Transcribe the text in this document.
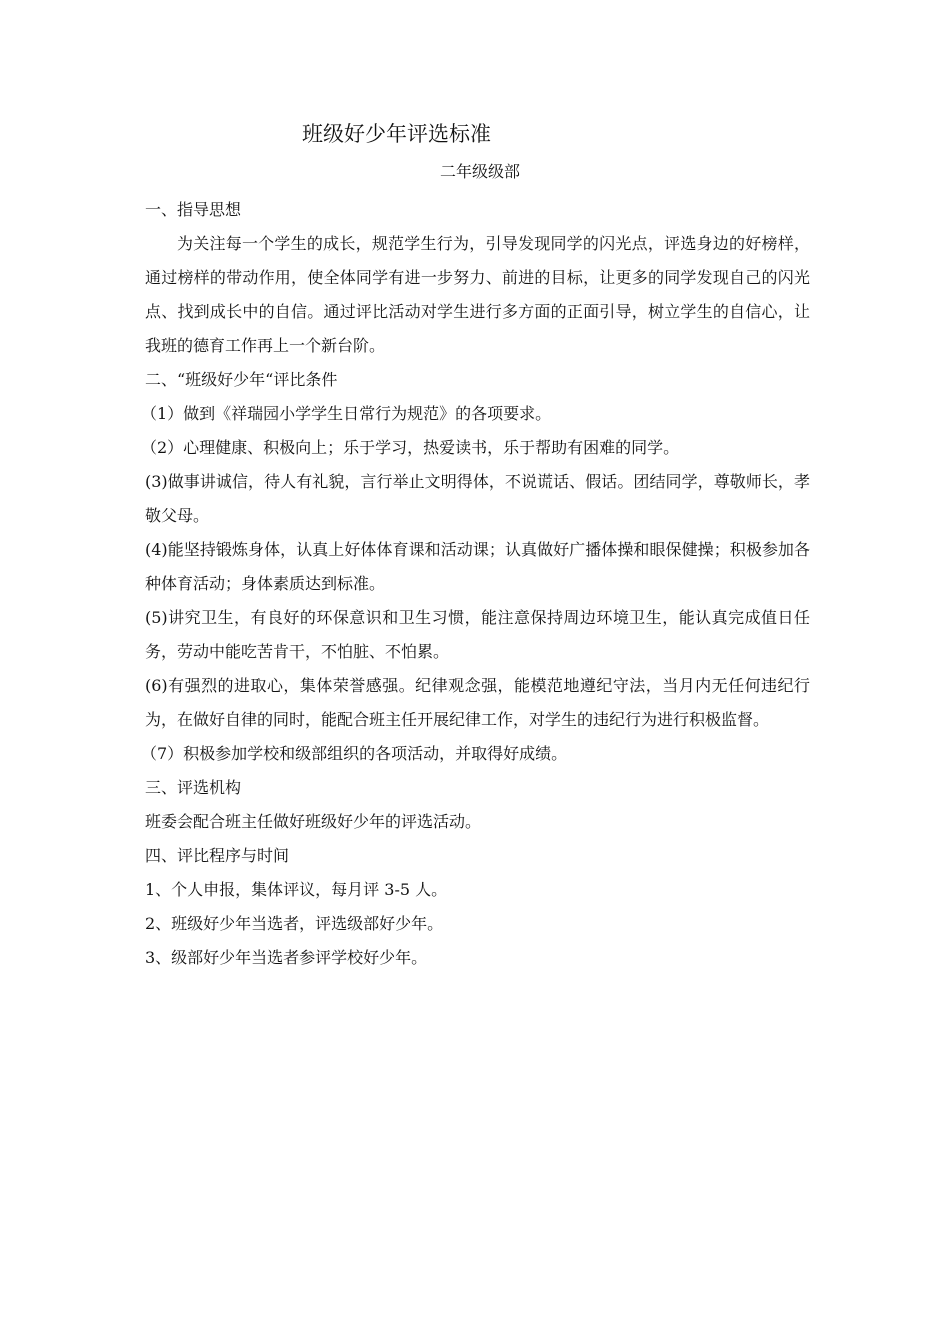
班级好少年评选标准
二年级级部

一、指导思想

为关注每一个学生的成长，规范学生行为，引导发现同学的闪光点，评选身边的好榜样，通过榜样的带动作用，使全体同学有进一步努力、前进的目标，让更多的同学发现自己的闪光点、找到成长中的自信。通过评比活动对学生进行多方面的正面引导，树立学生的自信心，让我班的德育工作再上一个新台阶。

二、“班级好少年“评比条件

（1）做到《祥瑞园小学学生日常行为规范》的各项要求。

（2）心理健康、积极向上；乐于学习，热爱读书，乐于帮助有困难的同学。

(3)做事讲诚信，待人有礼貌，言行举止文明得体，不说谎话、假话。团结同学，尊敬师长，孝敬父母。

(4)能坚持锻炼身体，认真上好体体育课和活动课；认真做好广播体操和眼保健操；积极参加各种体育活动；身体素质达到标准。

(5)讲究卫生，有良好的环保意识和卫生习惯，能注意保持周边环境卫生，能认真完成值日任务，劳动中能吃苦肯干，不怕脏、不怕累。

(6)有强烈的进取心，集体荣誉感强。纪律观念强，能模范地遵纪守法，当月内无任何违纪行为，在做好自律的同时，能配合班主任开展纪律工作，对学生的违纪行为进行积极监督。

（7）积极参加学校和级部组织的各项活动，并取得好成绩。

三、评选机构

班委会配合班主任做好班级好少年的评选活动。

四、评比程序与时间

1、个人申报，集体评议，每月评 3-5 人。

2、班级好少年当选者，评选级部好少年。

3、级部好少年当选者参评学校好少年。
